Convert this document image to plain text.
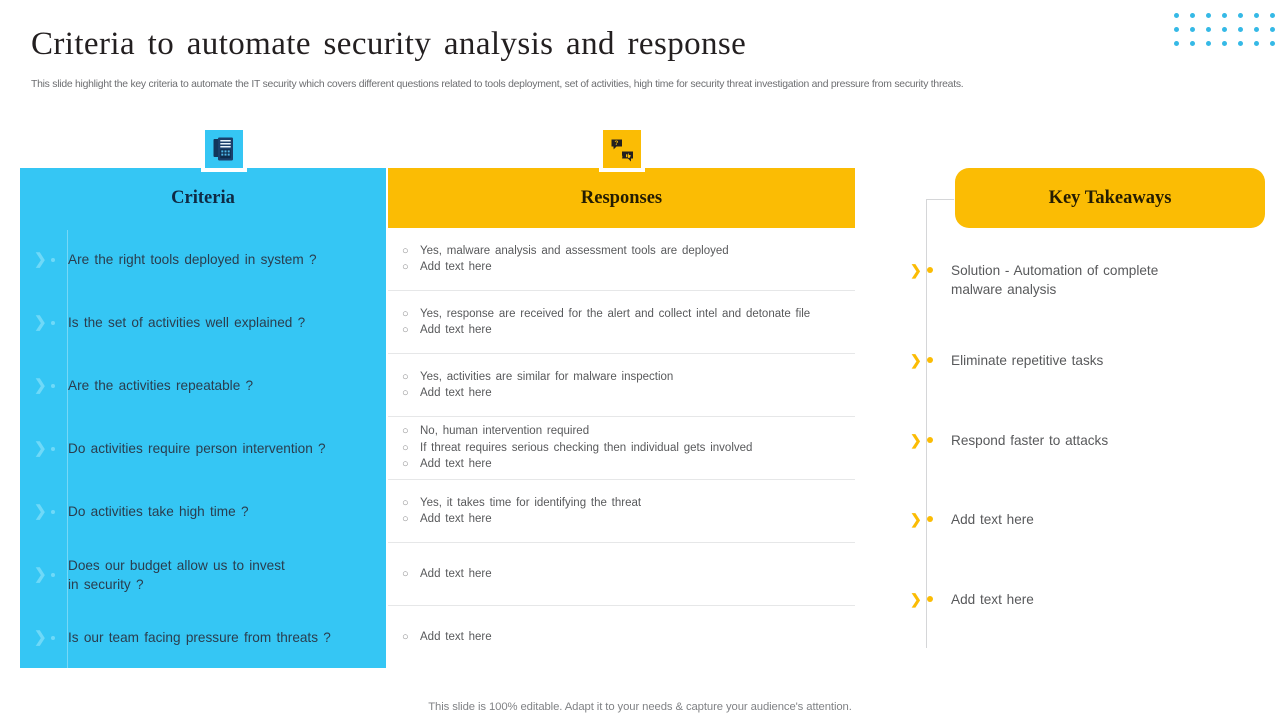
Criteria to automate security analysis and response
This slide highlight the key criteria to automate the IT security which covers different questions related to tools deployment, set of activities, high time for security threat investigation and pressure from security threats.
Criteria	Responses
?
❯ Are the right tools deployed in system ?
❯ Is the set of activities well explained ?
❯ Are the activities repeatable ?
❯ Do activities require person intervention ?
❯ Do activities take high time ?
❯
Does our budget allow us to invest
in security ?
❯ Is our team facing pressure from threats ?
○ Yes, malware analysis and assessment tools are deployed
○ Add text here
○ Yes, response are received for the alert and collect intel and detonate file
○ Add text here
○ Yes, activities are similar for malware inspection
○ Add text here
○ No, human intervention required
○ If threat requires serious checking then individual gets involved
○ Add text here
○ Yes, it takes time for identifying the threat
○ Add text here
○ Add text here
○ Add text here
Key Takeaways
❯ Solution - Automation of complete
malware analysis
❯ Eliminate repetitive tasks
❯ Respond faster to attacks
❯ Add text here
❯ Add text here
This slide is 100% editable. Adapt it to your needs & capture your audience's attention.
